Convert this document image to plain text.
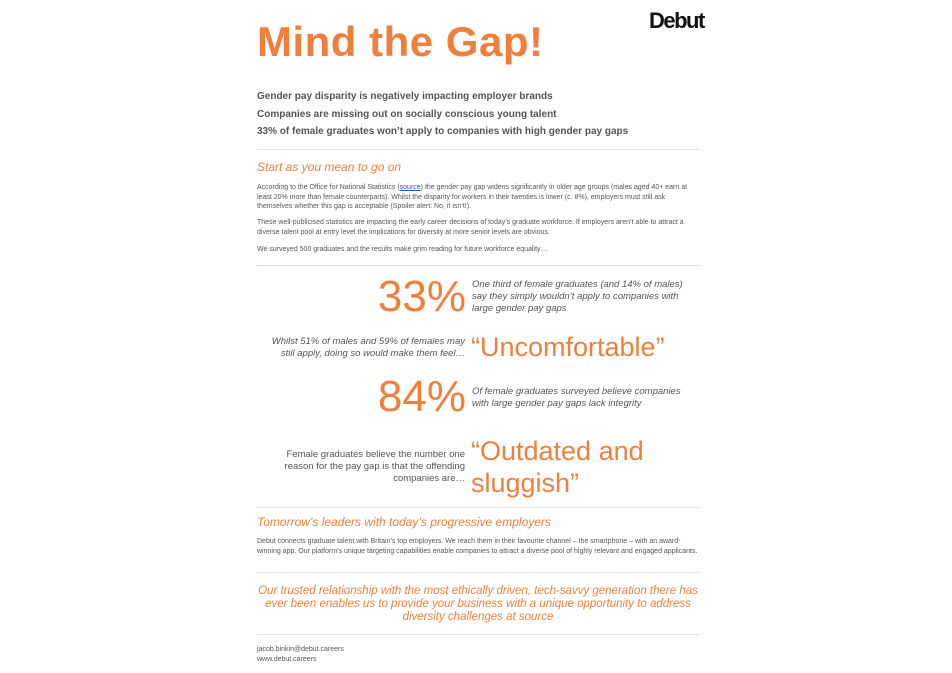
Debut
Mind the Gap!
Gender pay disparity is negatively impacting employer brands
Companies are missing out on socially conscious young talent
33% of female graduates won’t apply to companies with high gender pay gaps
Start as you mean to go on
According to the Office for National Statistics (source) the gender pay gap widens significantly in older age groups (males aged 40+ earn at least 20% more than female counterparts). Whilst the disparity for workers in their twenties is lower (c. 8%), employers must still ask themselves whether this gap is acceptable (Spoiler alert: No, it isn’t!).
These well-publicised statistics are impacting the early career decisions of today’s graduate workforce. If employers aren’t able to attract a diverse talent pool at entry level the implications for diversity at more senior levels are obvious.
We surveyed 500 graduates and the results make grim reading for future workforce equality…
33% One third of female graduates (and 14% of males) say they simply wouldn’t apply to companies with large gender pay gaps
Whilst 51% of males and 59% of females may still apply, doing so would make them feel… “Uncomfortable”
84% Of female graduates surveyed believe companies with large gender pay gaps lack integrity
Female graduates believe the number one reason for the pay gap is that the offending companies are…
“Outdated and
sluggish”
Tomorrow’s leaders with today’s progressive employers
Debut connects graduate talent with Britain’s top employers. We reach them in their favourite channel – the smartphone – with an award-winning app. Our platform’s unique targeting capabilities enable companies to attract a diverse pool of highly relevant and engaged applicants.
Our trusted relationship with the most ethically driven, tech-savvy generation there has ever been enables us to provide your business with a unique opportunity to address diversity challenges at source
jacob.binkin@debut.careers
www.debut.careers
